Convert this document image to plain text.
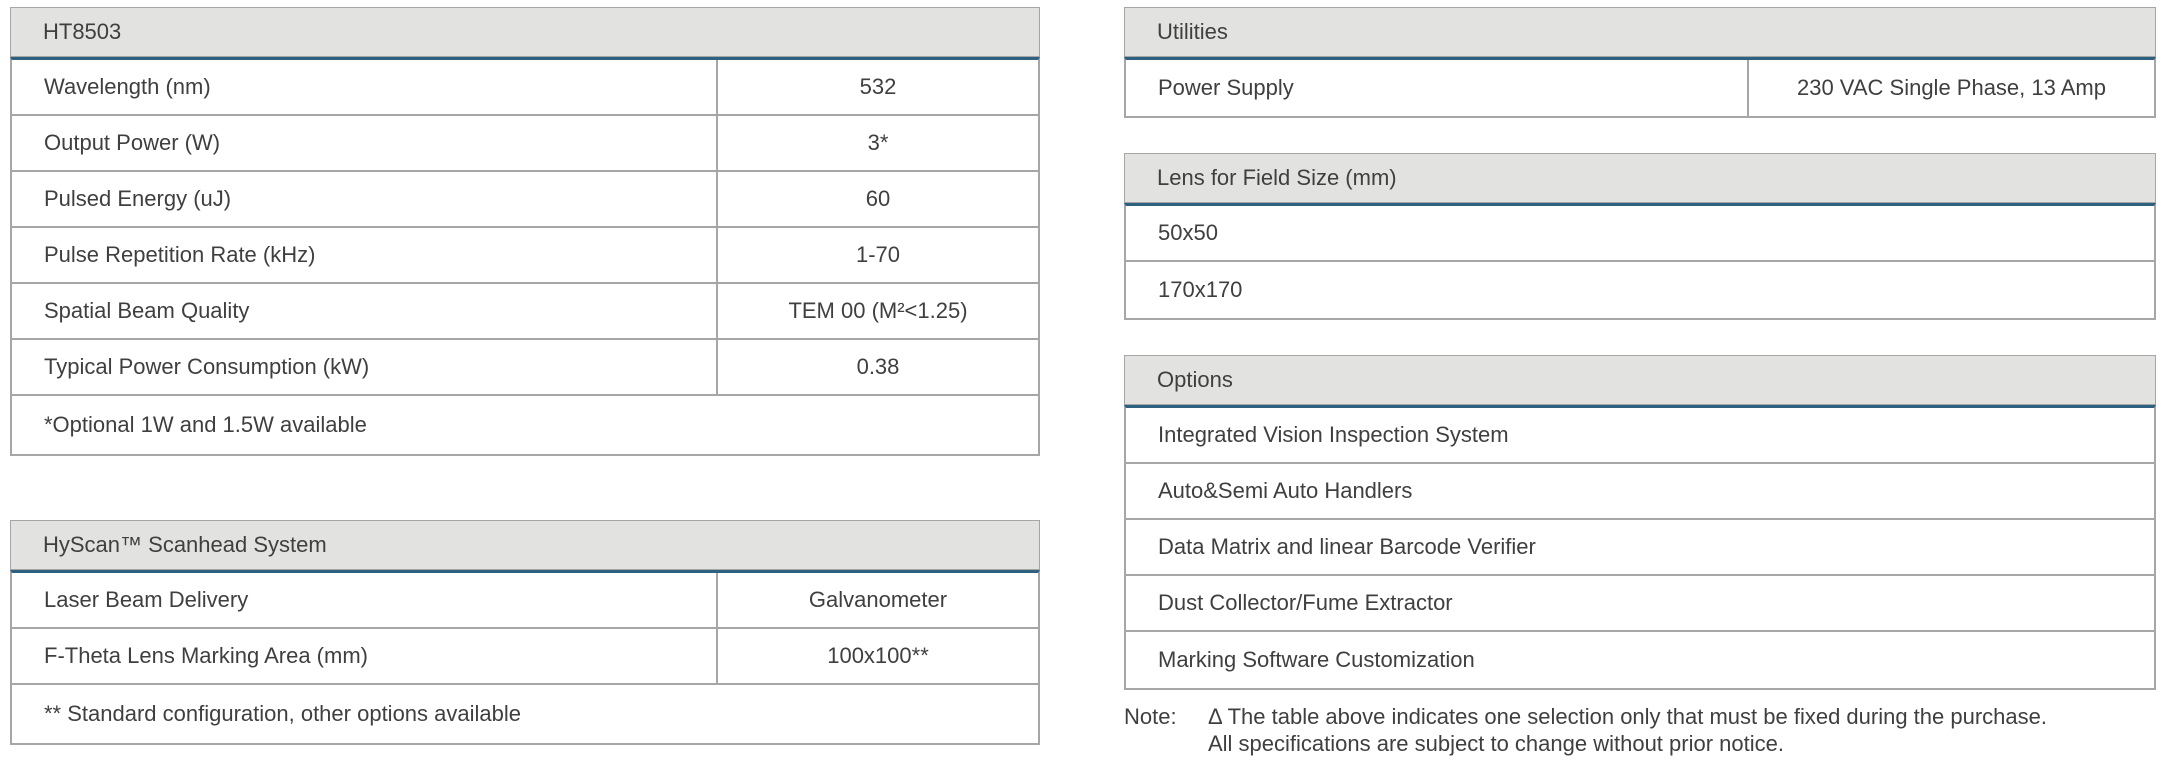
HT8503
Wavelength (nm)	532
Output Power (W)	3*
Pulsed Energy (uJ)	60
Pulse Repetition Rate (kHz)	1-70
Spatial Beam Quality	TEM 00 (M²<1.25)
Typical Power Consumption (kW)	0.38
*Optional 1W and 1.5W available
HyScan™ Scanhead System
Laser Beam Delivery	Galvanometer
F-Theta Lens Marking Area (mm)	100x100**
** Standard configuration, other options available
Utilities
Power Supply	230 VAC Single Phase, 13 Amp
Lens for Field Size (mm)
50x50
170x170
Options
Integrated Vision Inspection System
Auto&Semi Auto Handlers
Data Matrix and linear Barcode Verifier
Dust Collector/Fume Extractor
Marking Software Customization
Note:	Δ The table above indicates one selection only that must be fixed during the purchase.
All specifications are subject to change without prior notice.
